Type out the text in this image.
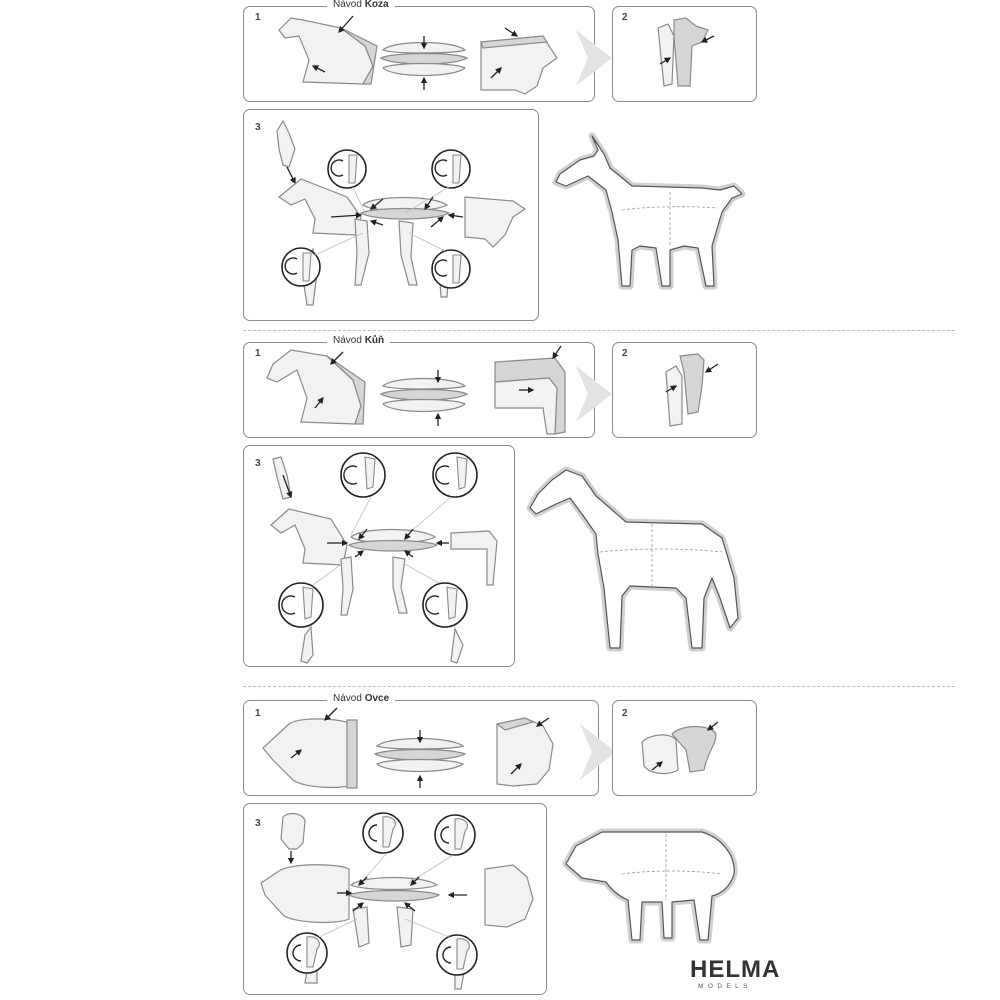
1
Návod Koza
2
3
1
Návod Kůň
2
3
1
Návod Ovce
2
3
HELMA
MODELS
